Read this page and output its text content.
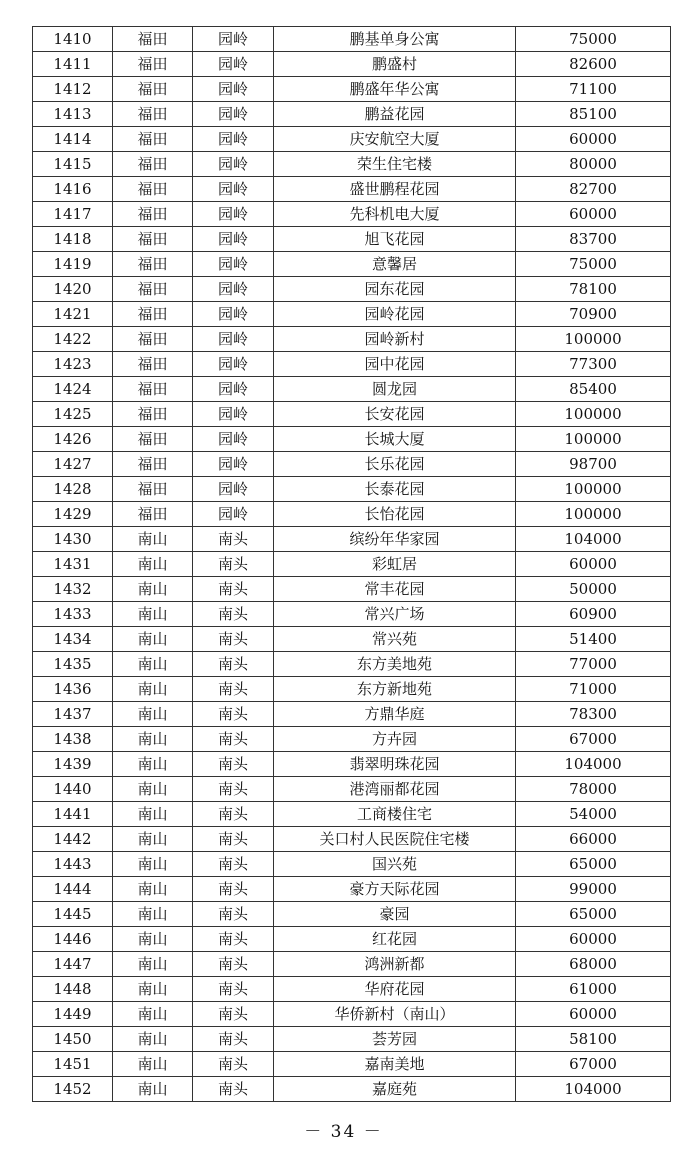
1410	福田	园岭	鹏基单身公寓	75000
1411	福田	园岭	鹏盛村	82600
1412	福田	园岭	鹏盛年华公寓	71100
1413	福田	园岭	鹏益花园	85100
1414	福田	园岭	庆安航空大厦	60000
1415	福田	园岭	荣生住宅楼	80000
1416	福田	园岭	盛世鹏程花园	82700
1417	福田	园岭	先科机电大厦	60000
1418	福田	园岭	旭飞花园	83700
1419	福田	园岭	意馨居	75000
1420	福田	园岭	园东花园	78100
1421	福田	园岭	园岭花园	70900
1422	福田	园岭	园岭新村	100000
1423	福田	园岭	园中花园	77300
1424	福田	园岭	圆龙园	85400
1425	福田	园岭	长安花园	100000
1426	福田	园岭	长城大厦	100000
1427	福田	园岭	长乐花园	98700
1428	福田	园岭	长泰花园	100000
1429	福田	园岭	长怡花园	100000
1430	南山	南头	缤纷年华家园	104000
1431	南山	南头	彩虹居	60000
1432	南山	南头	常丰花园	50000
1433	南山	南头	常兴广场	60900
1434	南山	南头	常兴苑	51400
1435	南山	南头	东方美地苑	77000
1436	南山	南头	东方新地苑	71000
1437	南山	南头	方鼎华庭	78300
1438	南山	南头	方卉园	67000
1439	南山	南头	翡翠明珠花园	104000
1440	南山	南头	港湾丽都花园	78000
1441	南山	南头	工商楼住宅	54000
1442	南山	南头	关口村人民医院住宅楼	66000
1443	南山	南头	国兴苑	65000
1444	南山	南头	豪方天际花园	99000
1445	南山	南头	豪园	65000
1446	南山	南头	红花园	60000
1447	南山	南头	鸿洲新都	68000
1448	南山	南头	华府花园	61000
1449	南山	南头	华侨新村（南山）	60000
1450	南山	南头	荟芳园	58100
1451	南山	南头	嘉南美地	67000
1452	南山	南头	嘉庭苑	104000
－ 34 －
